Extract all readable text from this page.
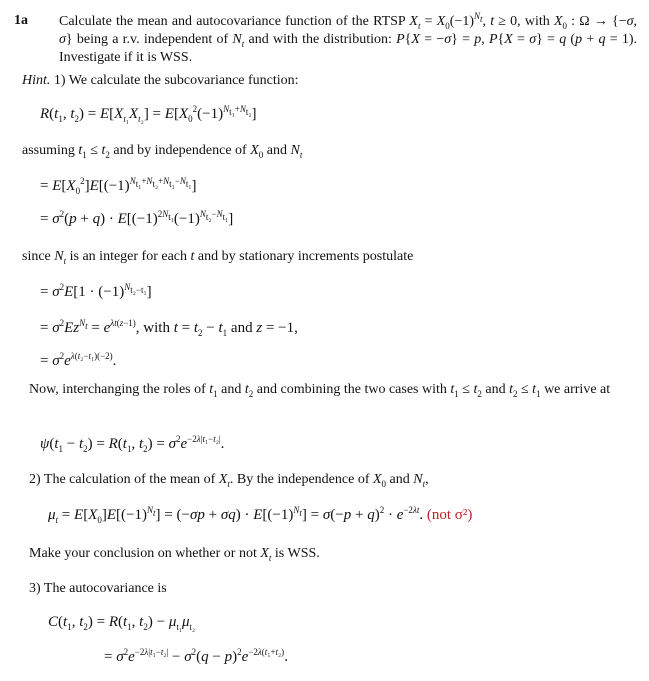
1a Calculate the mean and autocovariance function of the RTSP $X_t = X_0(-1)^{N_t}$, t ≥ 0, with $X_0$ : Ω → {−σ, σ} being a r.v. independent of $N_t$ and with the distribution: P{X = −σ} = p, P{X = σ} = q (p + q = 1). Investigate if it is WSS.
Hint. 1) We calculate the subcovariance function:
$R(t_1$, $t_2) = E[X_{t_1}X_{t_2}] = E[X_0^2(-1)^{N_{t_1}+N_{t_2}}]$
assuming $t_1 \le t_2$ and by independence of $X_0$ and $N_t$
= $E[X_0^2]E[(-1)^{N_{t_1}+N_{t_2}+N_{t_1}-N_{t_1}}]$
= $\sigma^2(p + q) \cdot E[(-1)^{2N_{t_1}}(-1)^{N_{t_2}-N_{t_1}}]$
since $N_t$ is an integer for each t and by stationary increments postulate
= $\sigma^2E[1 \cdot (-1)^{N_{t_2-t_1}}]$
= $\sigma^2Ez^{N_t} = e^{\lambda t(z-1)}$, with $t = t_2 - t_1$ and z = −1,
= $\sigma^2e^{\lambda(t_2-t_1)(-2)}$.
Now, interchanging the roles of $t_1$ and $t_2$ and combining the two cases with $t_1 \le t_2$ and $t_2 \le t_1$ we arrive at
$\psi(t_1 - t_2) = R(t_1$, $t_2) = \sigma^2e^{-2\lambda|t_1-t_2|}$.
2) The calculation of the mean of $X_t$. By the independence of $X_0$ and $N_t$,
$\mu_t = E[X_0]E[(-1)^{N_t}] = (-\sigma p + \sigma q) \cdot E[(-1)^{N_t}] = \sigma(-p + q)^2 \cdot e^{-2\lambda t}$. (not σ²)
Make your conclusion on whether or not $X_t$ is WSS.
3) The autocovariance is
$C(t_1$, $t_2) = R(t_1$, $t_2) - \mu_{t_1}\mu_{t_2}$
= $\sigma^2e^{-2\lambda|t_1-t_2|} - \sigma^2(q - p)^2e^{-2\lambda(t_1+t_2)}$.
